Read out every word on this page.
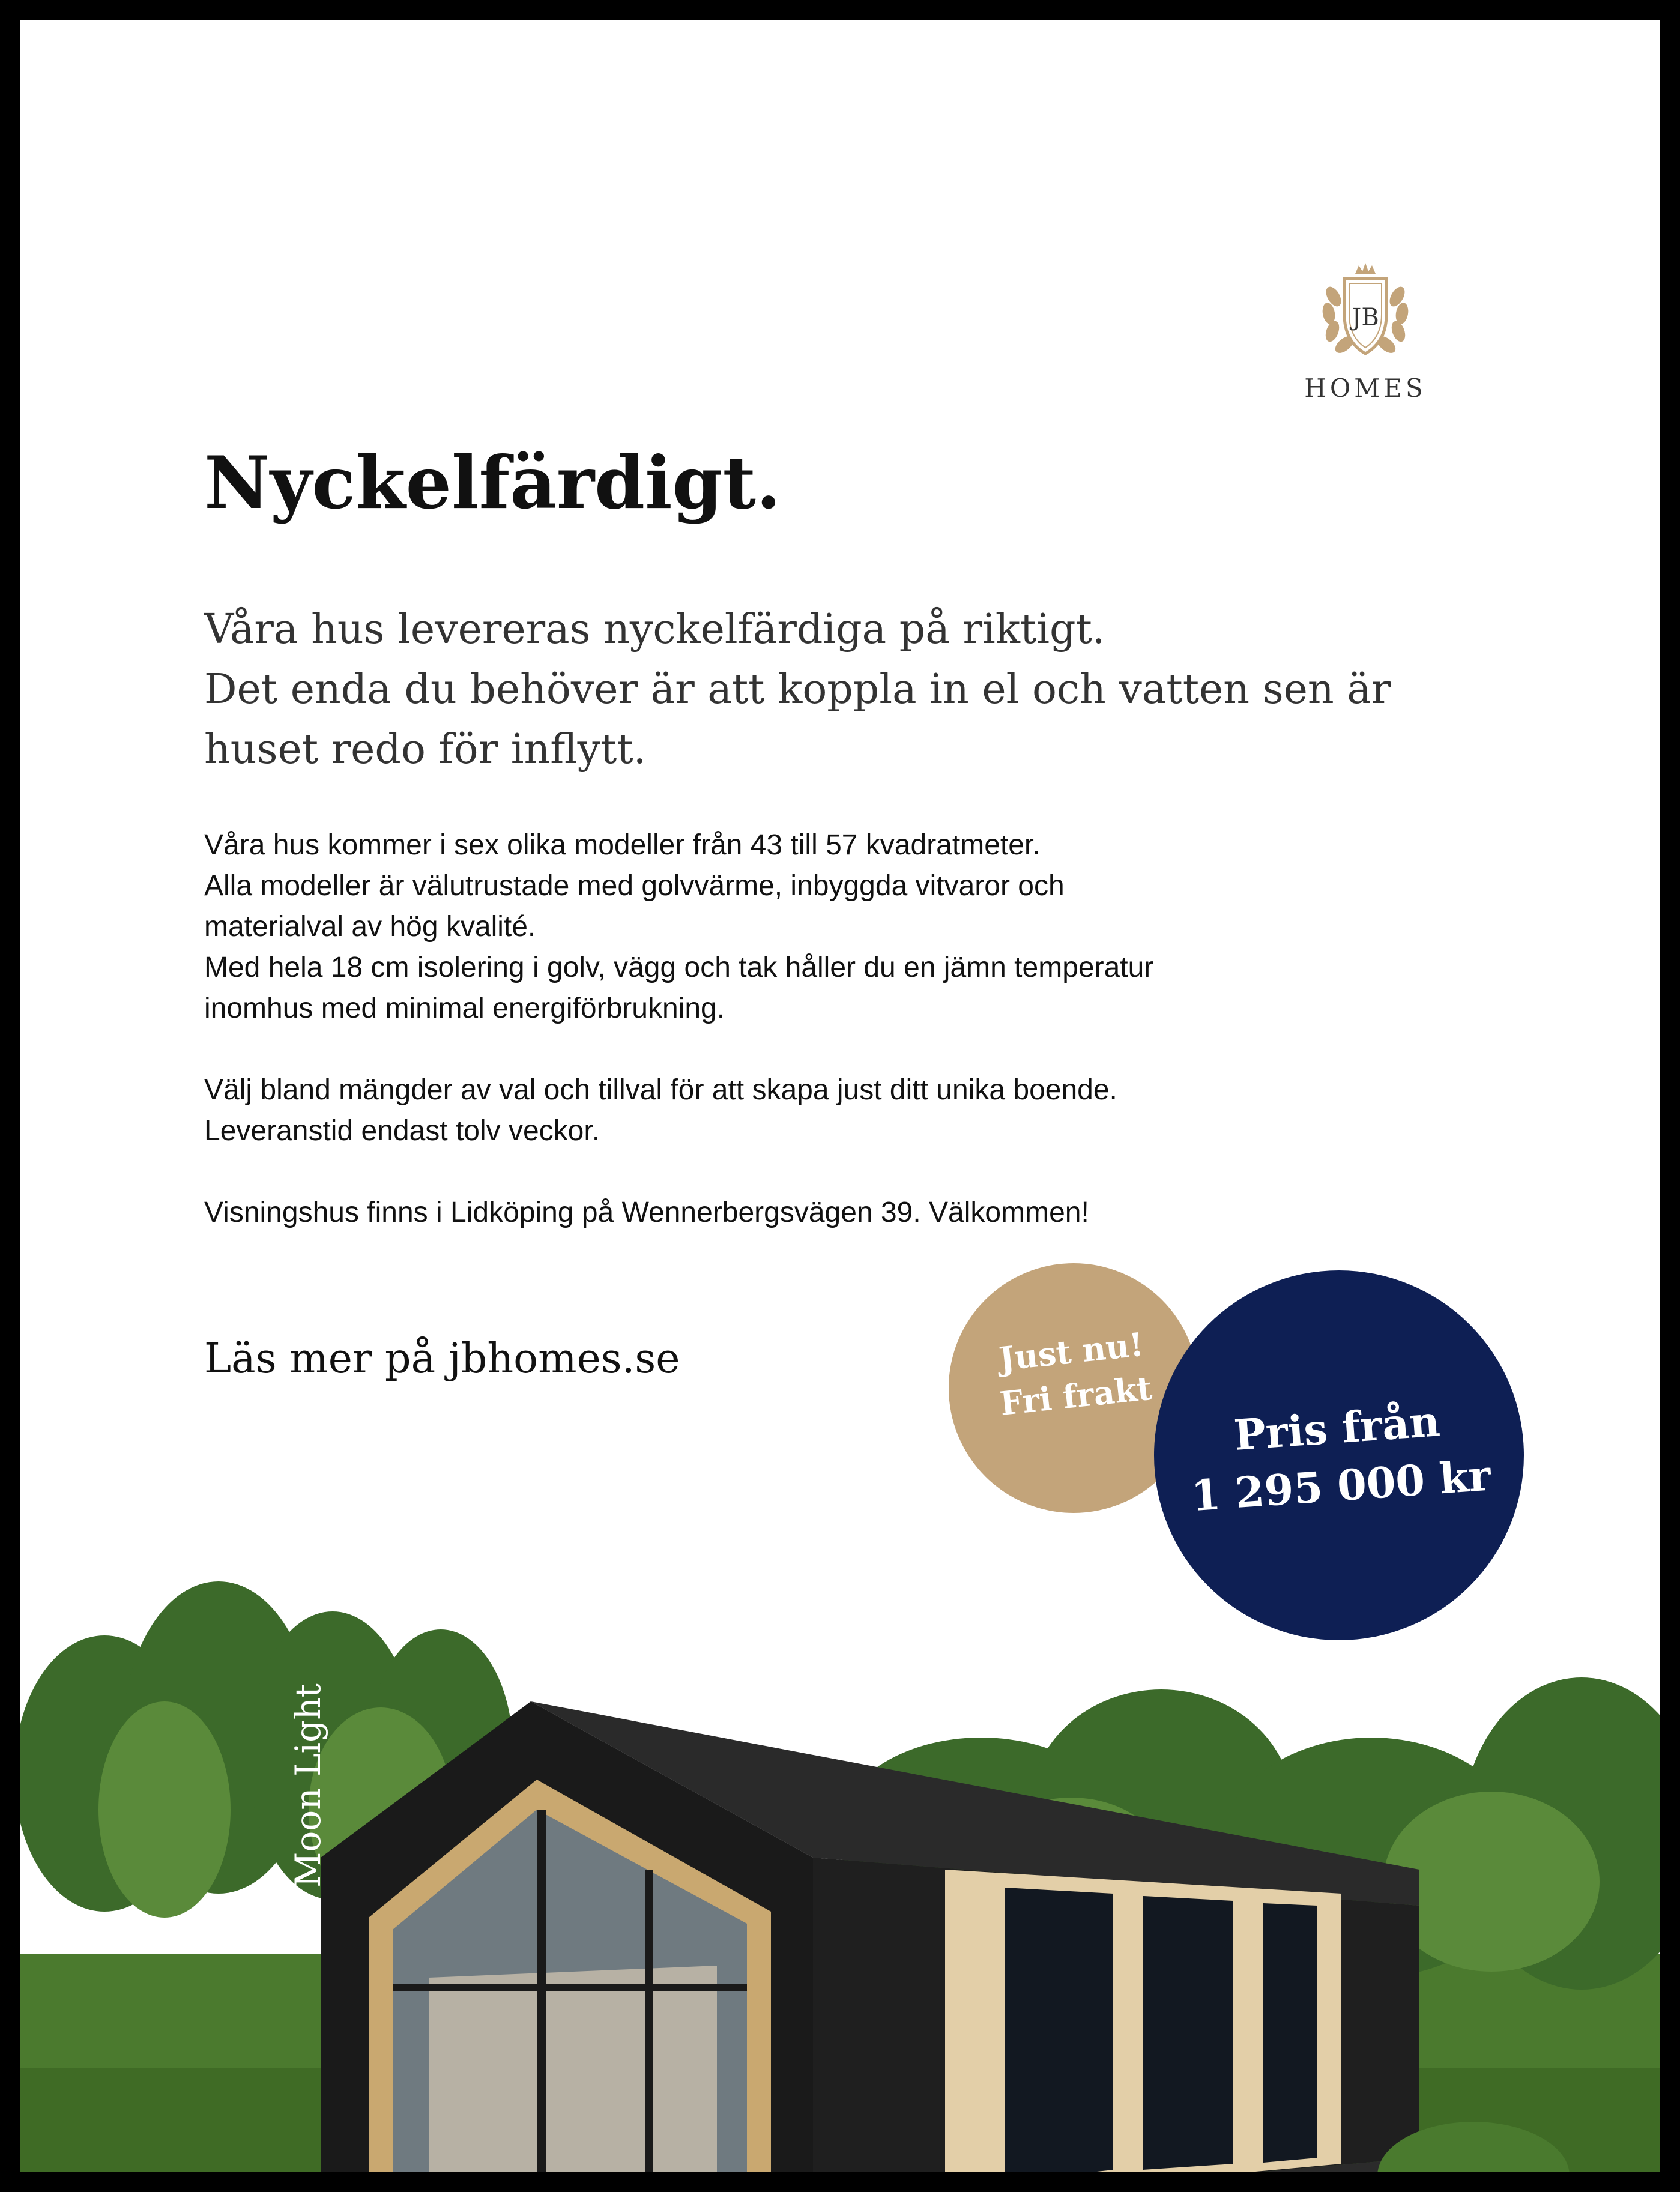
JB
HOMES
Nyckelfärdigt.
Våra hus levereras nyckelfärdiga på riktigt.
Det enda du behöver är att koppla in el och vatten sen är
huset redo för inflytt.
Våra hus kommer i sex olika modeller från 43 till 57 kvadratmeter.
Alla modeller är välutrustade med golvvärme, inbyggda vitvaror och
materialval av hög kvalité.
Med hela 18 cm isolering i golv, vägg och tak håller du en jämn temperatur
inomhus med minimal energiförbrukning.
Välj bland mängder av val och tillval för att skapa just ditt unika boende.
Leveranstid endast tolv veckor.
Visningshus finns i Lidköping på Wennerbergsvägen 39. Välkommen!
Läs mer på jbhomes.se
Moon Light
Just nu!
Fri frakt
Pris från
1 295 000 kr
